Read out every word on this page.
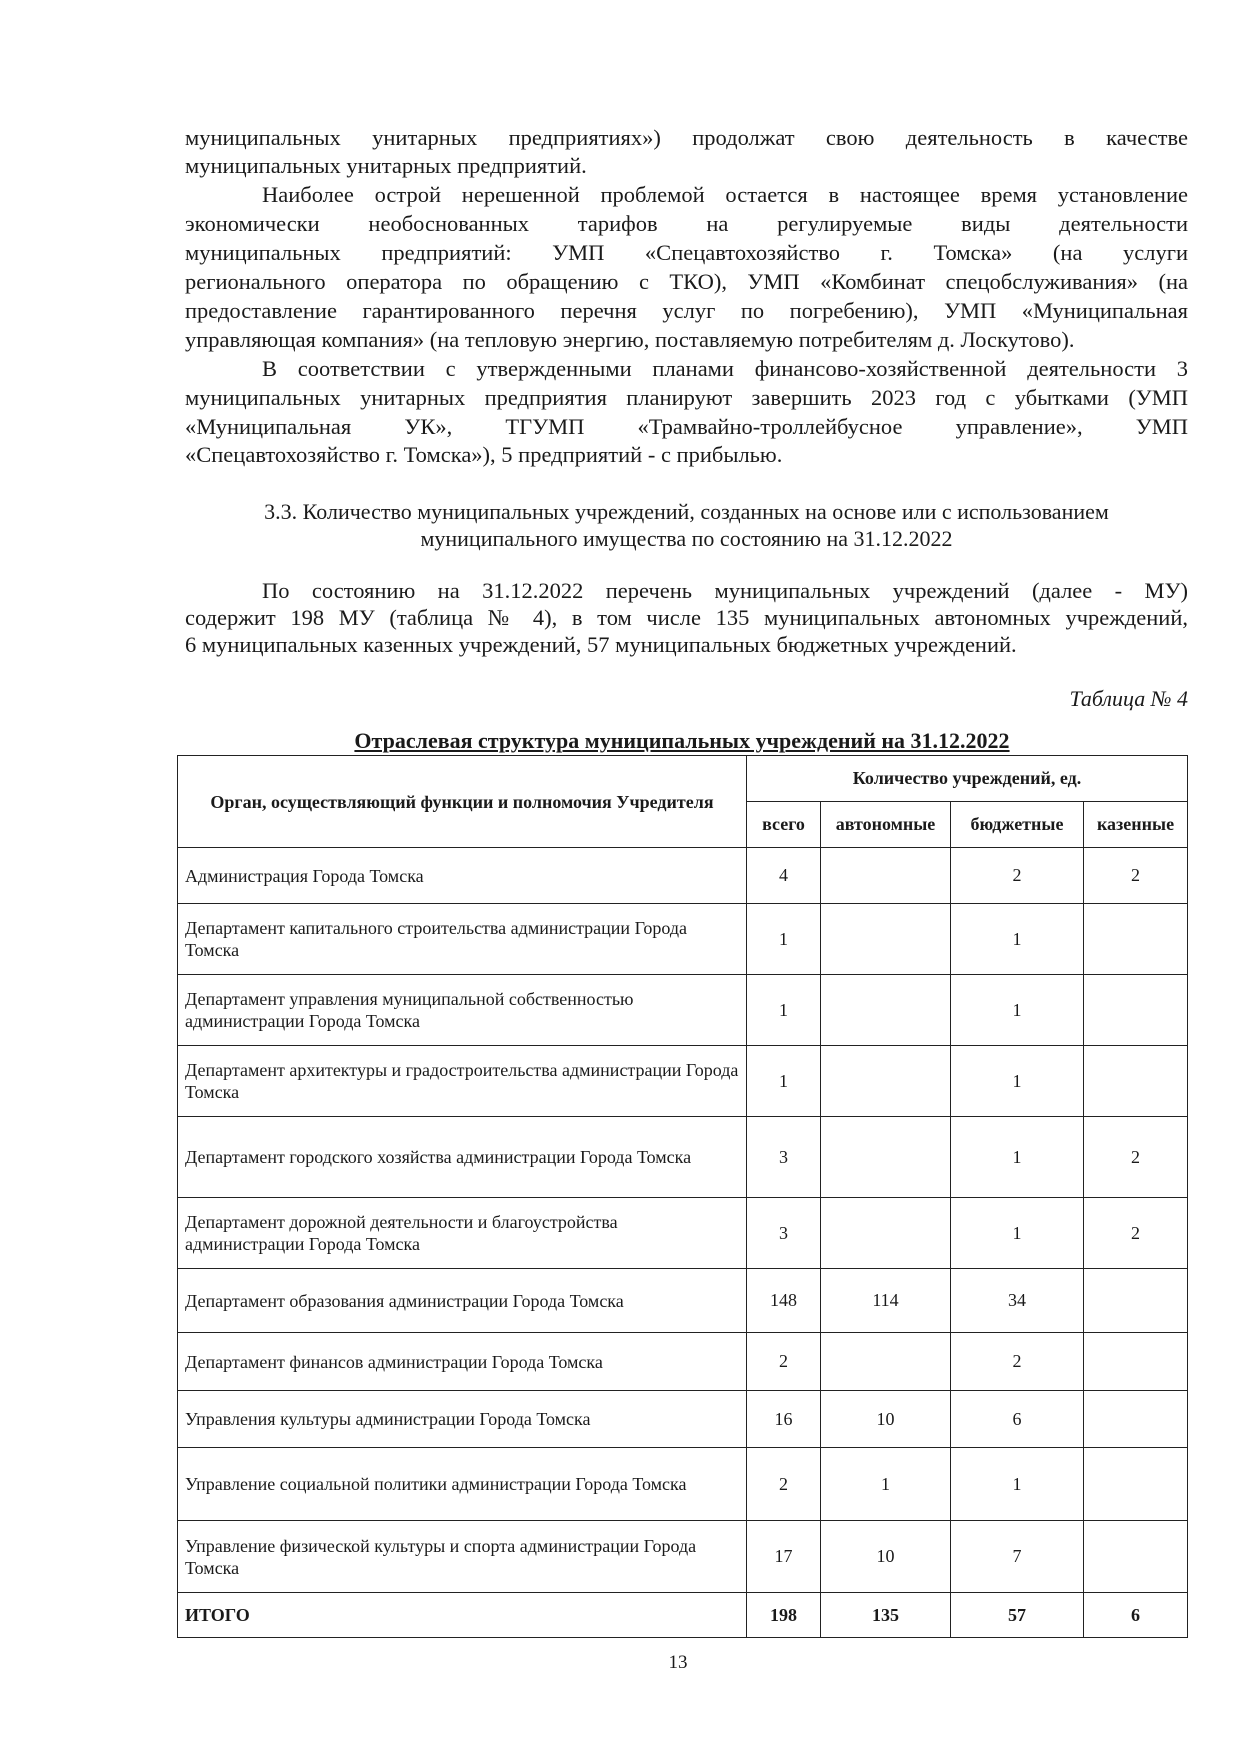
муниципальных унитарных предприятиях») продолжат свою деятельность в качестве
муниципальных унитарных предприятий.
Наиболее острой нерешенной проблемой остается в настоящее время установление
экономически необоснованных тарифов на регулируемые виды деятельности
муниципальных предприятий: УМП «Спецавтохозяйство г. Томска» (на услуги
регионального оператора по обращению с ТКО), УМП «Комбинат спецобслуживания» (на
предоставление гарантированного перечня услуг по погребению), УМП «Муниципальная
управляющая компания» (на тепловую энергию, поставляемую потребителям д. Лоскутово).
В соответствии с утвержденными планами финансово-хозяйственной деятельности 3
муниципальных унитарных предприятия планируют завершить 2023 год с убытками (УМП
«Муниципальная УК», ТГУМП «Трамвайно-троллейбусное управление», УМП
«Спецавтохозяйство г. Томска»), 5 предприятий - с прибылью.
3.3. Количество муниципальных учреждений, созданных на основе или с использованием
муниципального имущества по состоянию на 31.12.2022
По состоянию на 31.12.2022 перечень муниципальных учреждений (далее - МУ)
содержит 198 МУ (таблица № 4), в том числе 135 муниципальных автономных учреждений,
6 муниципальных казенных учреждений, 57 муниципальных бюджетных учреждений.
Таблица № 4
Отраслевая структура муниципальных учреждений на 31.12.2022
Орган, осуществляющий функции и полномочия Учредителя	Количество учреждений, ед.			
	всего	автономные	бюджетные	казенные
Администрация Города Томска	4		2	2
Департамент капитального строительства администрации Города Томска	1		1	
Департамент управления муниципальной собственностью администрации Города Томска	1		1	
Департамент архитектуры и градостроительства администрации Города Томска	1		1	
Департамент городского хозяйства администрации Города Томска	3		1	2
Департамент дорожной деятельности и благоустройства администрации Города Томска	3		1	2
Департамент образования администрации Города Томска	148	114	34	
Департамент финансов администрации Города Томска	2		2	
Управления культуры администрации Города Томска	16	10	6	
Управление социальной политики администрации Города Томска	2	1	1	
Управление физической культуры и спорта администрации Города Томска	17	10	7	
ИТОГО	198	135	57	6
13
